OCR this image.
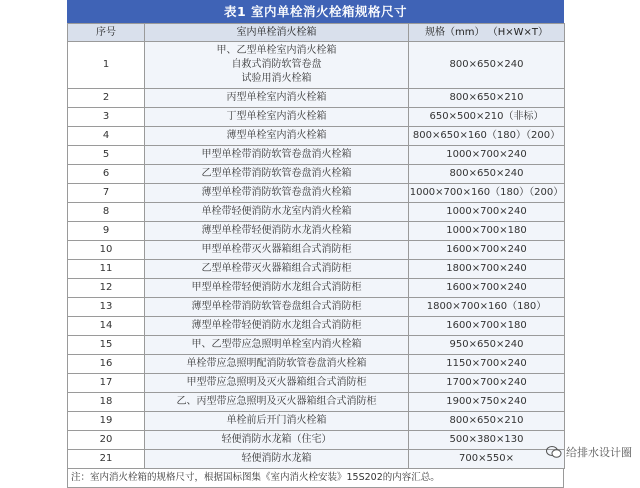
表1 室内单栓消火栓箱规格尺寸
序号	室内单栓消火栓箱	规格（mm） （H×W×T）
1	甲、乙型单栓室内消火栓箱
自救式消防软管卷盘
试验用消火栓箱	800×650×240
2	丙型单栓室内消火栓箱	800×650×210
3	丁型单栓室内消火栓箱	650×500×210（非标）
4	薄型单栓室内消火栓箱	800×650×160（180）（200）
5	甲型单栓带消防软管卷盘消火栓箱	1000×700×240
6	乙型单栓带消防软管卷盘消火栓箱	800×650×240
7	薄型单栓带消防软管卷盘消火栓箱	1000×700×160（180）（200）
8	单栓带轻便消防水龙室内消火栓箱	1000×700×240
9	薄型单栓带轻便消防水龙消火栓箱	1000×700×180
10	甲型单栓带灭火器箱组合式消防柜	1600×700×240
11	乙型单栓带灭火器箱组合式消防柜	1800×700×240
12	甲型单栓带轻便消防水龙组合式消防柜	1600×700×240
13	薄型单栓带消防软管卷盘组合式消防柜	1800×700×160（180）
14	薄型单栓带轻便消防水龙组合式消防柜	1600×700×180
15	甲、乙型带应急照明单栓室内消火栓箱	950×650×240
16	单栓带应急照明配消防软管卷盘消火栓箱	1150×700×240
17	甲型带应急照明及灭火器箱组合式消防柜	1700×700×240
18	乙、丙型带应急照明及灭火器箱组合式消防柜	1900×750×240
19	单栓前后开门消火栓箱	800×650×210
20	轻便消防水龙箱（住宅）	500×380×130
21	轻便消防水龙箱	700×550×
注：室内消火栓箱的规格尺寸，根据国标图集《室内消火栓安装》15S202的内容汇总。
给排水设计圈
